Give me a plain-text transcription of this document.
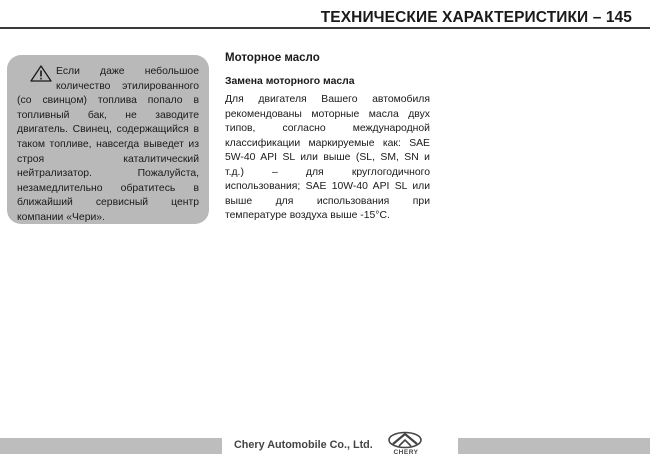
ТЕХНИЧЕСКИЕ ХАРАКТЕРИСТИКИ – 145
Если даже небольшое количество этилированного (со свинцом) топлива попало в топливный бак, не заводите двигатель. Свинец, содержащийся в таком топливе, навсегда выведет из строя каталитический нейтрализатор. Пожалуйста, незамедлительно обратитесь в ближайший сервисный центр компании «Чери».
Моторное масло
Замена моторного масла

Для двигателя Вашего автомобиля рекомендованы моторные масла двух типов, согласно международной классификации маркируемые как: SAE 5W-40 API SL или выше (SL, SM, SN и т.д.) – для круглогодичного использования; SAE 10W-40 API SL или выше для использования при температуре воздуха выше -15°С.

Chery Automobile Co., Ltd.
CHERY
